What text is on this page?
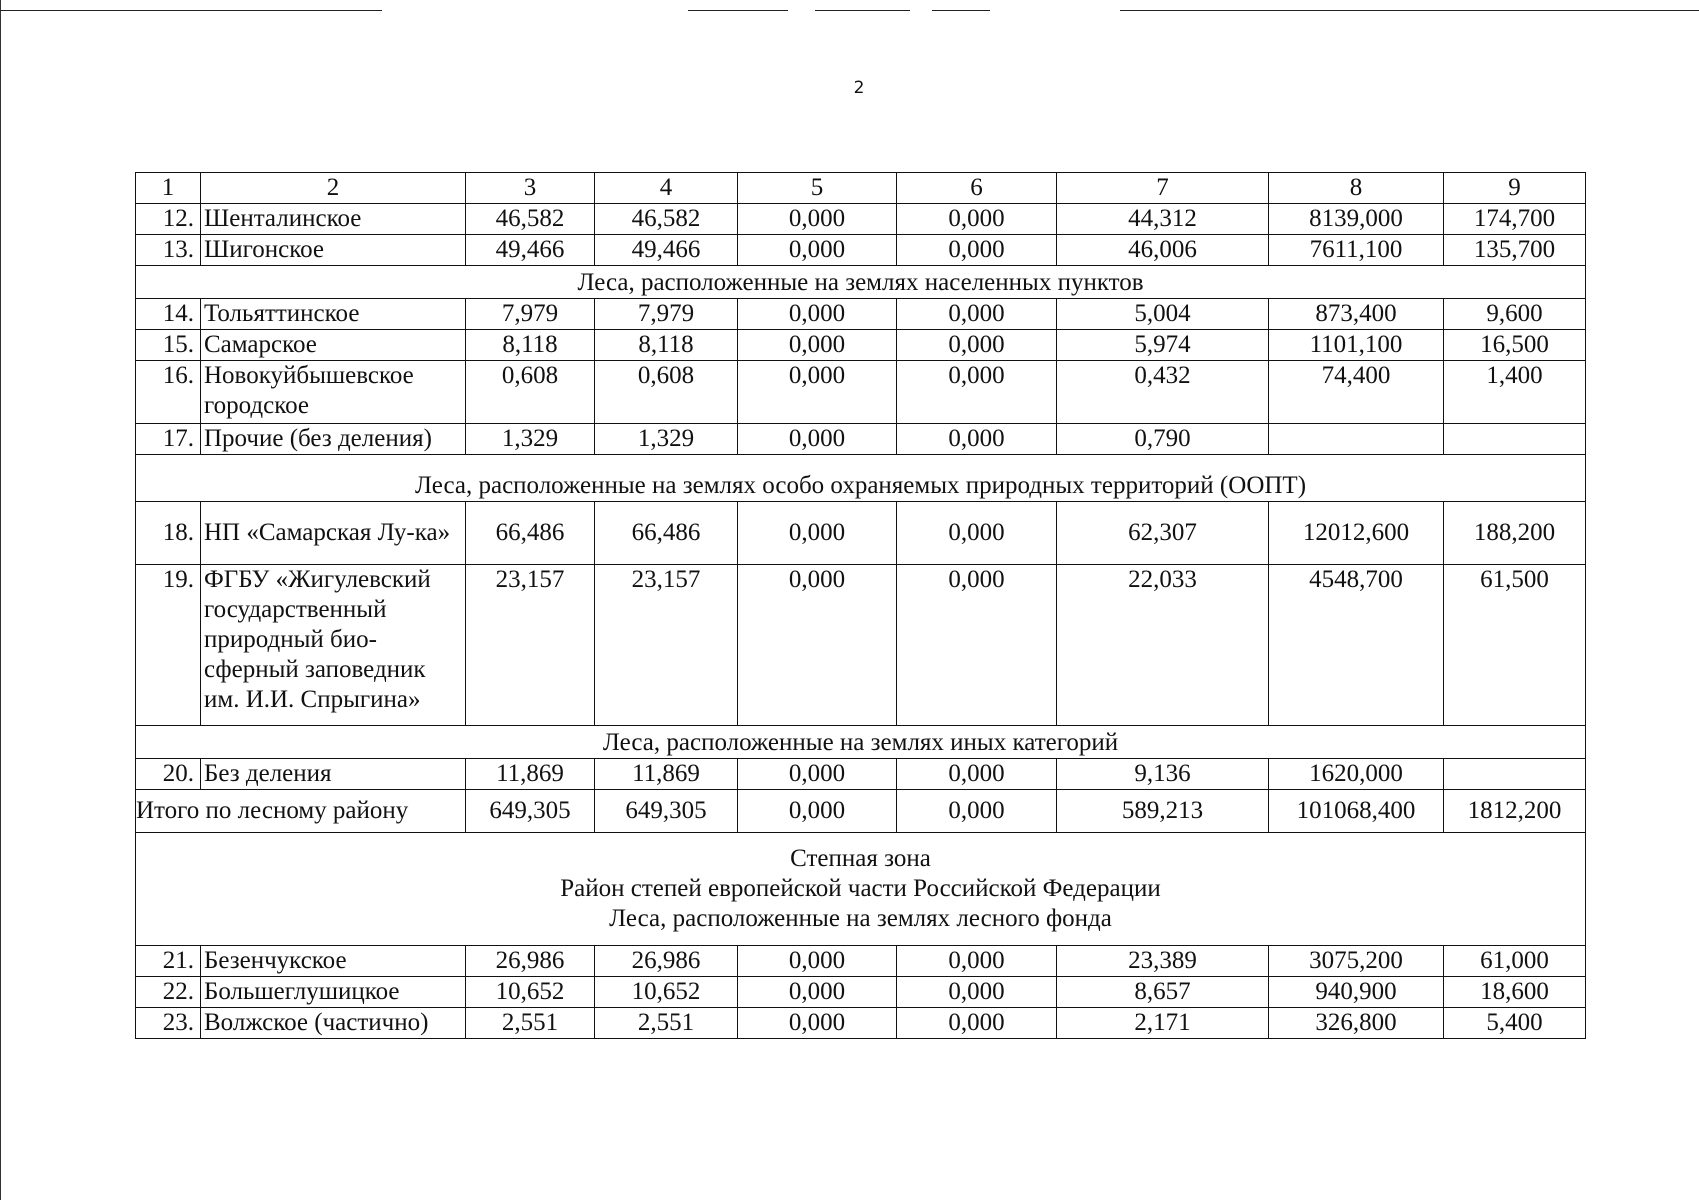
2
1	2	3	4	5	6	7	8	9
12.	Шенталинское	46,582	46,582	0,000	0,000	44,312	8139,000	174,700
13.	Шигонское	49,466	49,466	0,000	0,000	46,006	7611,100	135,700
Леса, расположенные на землях населенных пунктов								
14.	Тольяттинское	7,979	7,979	0,000	0,000	5,004	873,400	9,600
15.	Самарское	8,118	8,118	0,000	0,000	5,974	1101,100	16,500
16.	Новокуйбышевское городское	0,608	0,608	0,000	0,000	0,432	74,400	1,400
17.	Прочие (без деления)	1,329	1,329	0,000	0,000	0,790		
Леса, расположенные на землях особо охраняемых природных территорий (ООПТ)								
18.	НП «Самарская Лу-ка»	66,486	66,486	0,000	0,000	62,307	12012,600	188,200
19.	ФГБУ «Жигулевский государственный природный био-сферный заповедник им. И.И. Спрыгина»	23,157	23,157	0,000	0,000	22,033	4548,700	61,500
Леса, расположенные на землях иных категорий								
20.	Без деления	11,869	11,869	0,000	0,000	9,136	1620,000	
Итого по лесному району		649,305	649,305	0,000	0,000	589,213	101068,400	1812,200

Степная зона
Район степей европейской части Российской Федерации
Леса, расположенные на землях лесного фонда								

21.	Безенчукское	26,986	26,986	0,000	0,000	23,389	3075,200	61,000
22.	Большеглушицкое	10,652	10,652	0,000	0,000	8,657	940,900	18,600
23.	Волжское (частично)	2,551	2,551	0,000	0,000	2,171	326,800	5,400
